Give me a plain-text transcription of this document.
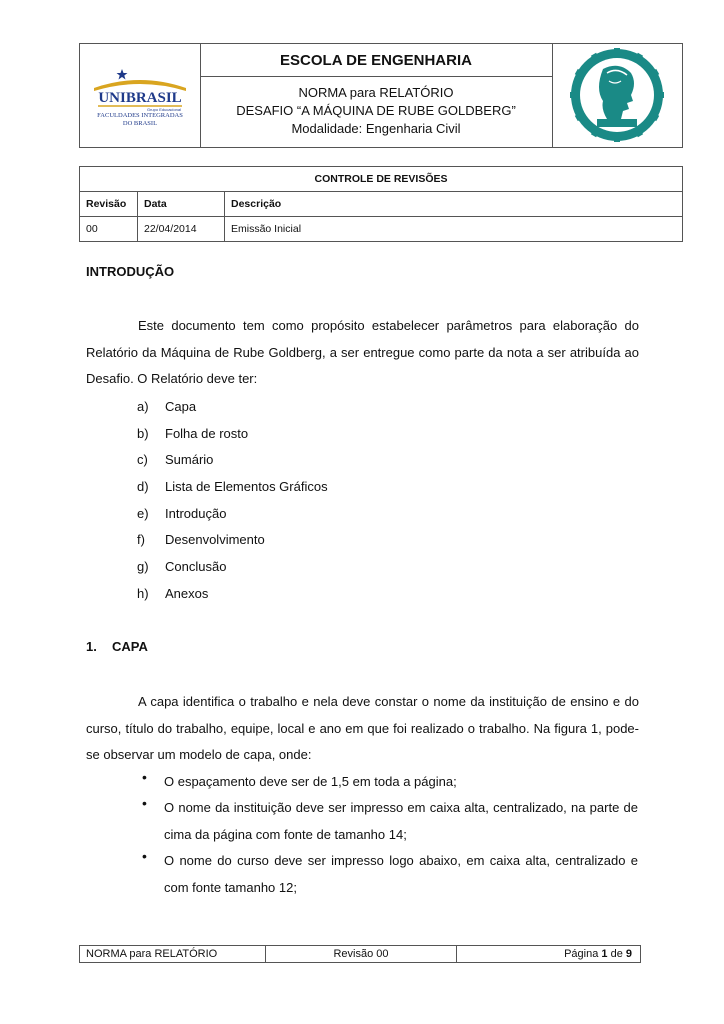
UNIBRASIL
Grupo Educacional
FACULDADES INTEGRADAS
DO BRASIL
ESCOLA DE ENGENHARIA
NORMA para RELATÓRIO
DESAFIO “A MÁQUINA DE RUBE GOLDBERG”
Modalidade: Engenharia Civil
CONTROLE DE REVISÕES		
Revisão	Data	Descrição
00	22/04/2014	Emissão Inicial
INTRODUÇÃO
Este documento tem como propósito estabelecer parâmetros para elaboração do Relatório da Máquina de Rube Goldberg, a ser entregue como parte da nota a ser atribuída ao Desafio. O Relatório deve ter:
a) Capa
b) Folha de rosto
c) Sumário
d) Lista de Elementos Gráficos
e) Introdução
f) Desenvolvimento
g) Conclusão
h) Anexos
1. CAPA
A capa identifica o trabalho e nela deve constar o nome da instituição de ensino e do curso, título do trabalho, equipe, local e ano em que foi realizado o trabalho. Na figura 1, pode-se observar um modelo de capa, onde:
• O espaçamento deve ser de 1,5 em toda a página;
• O nome da instituição deve ser impresso em caixa alta, centralizado, na parte de cima da página com fonte de tamanho 14;
• O nome do curso deve ser impresso logo abaixo, em caixa alta, centralizado e com fonte tamanho 12;
NORMA para RELATÓRIO	Revisão 00	Página 1 de 9
